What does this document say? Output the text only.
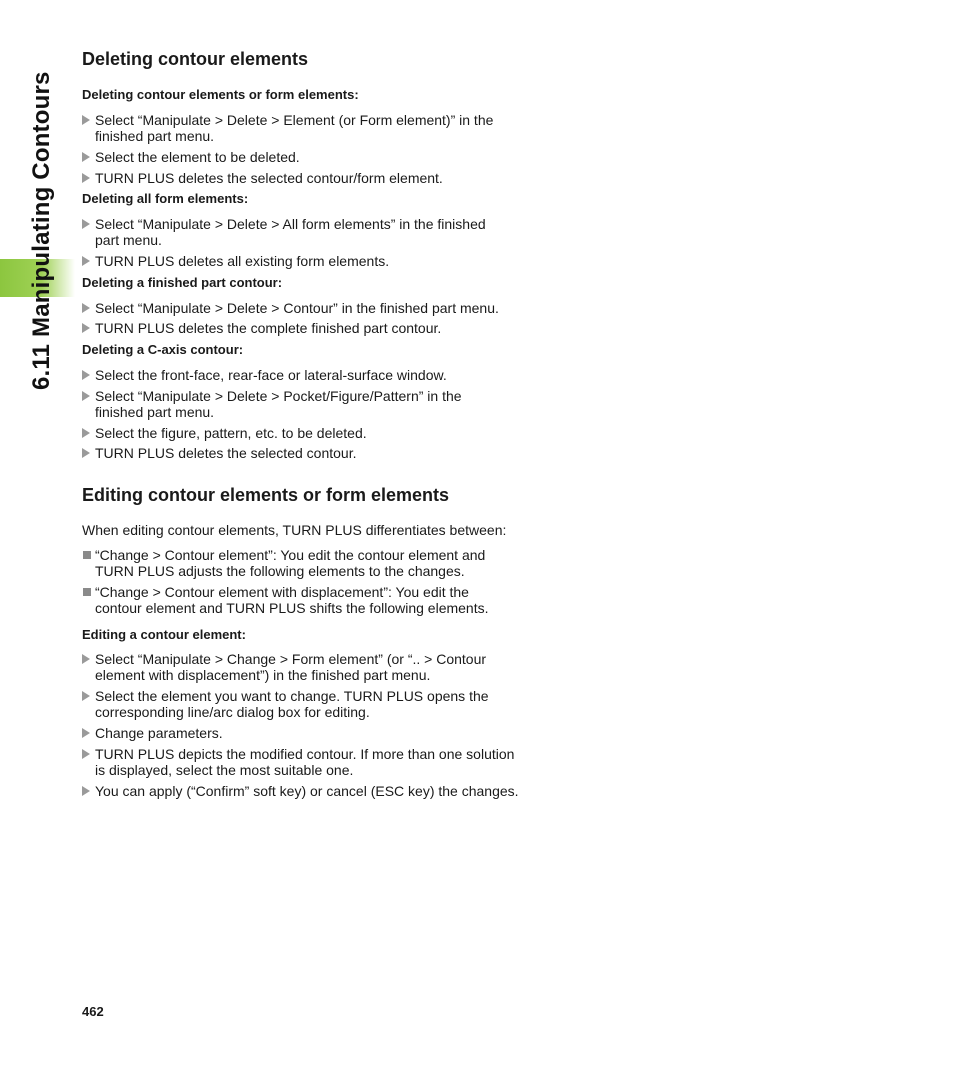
6.11 Manipulating Contours
Deleting contour elements
Deleting contour elements or form elements:
Select “Manipulate > Delete > Element (or Form element)” in the
finished part menu.
Select the element to be deleted.
TURN PLUS deletes the selected contour/form element.
Deleting all form elements:
Select “Manipulate > Delete > All form elements” in the finished
part menu.
TURN PLUS deletes all existing form elements.
Deleting a finished part contour:
Select “Manipulate > Delete > Contour” in the finished part menu.
TURN PLUS deletes the complete finished part contour.
Deleting a C-axis contour:
Select the front-face, rear-face or lateral-surface window.
Select “Manipulate > Delete > Pocket/Figure/Pattern” in the
finished part menu.
Select the figure, pattern, etc. to be deleted.
TURN PLUS deletes the selected contour.
Editing contour elements or form elements
When editing contour elements, TURN PLUS differentiates between:
“Change > Contour element”: You edit the contour element and
TURN PLUS adjusts the following elements to the changes.
“Change > Contour element with displacement”: You edit the
contour element and TURN PLUS shifts the following elements.
Editing a contour element:
Select “Manipulate > Change > Form element” (or “.. > Contour
element with displacement”) in the finished part menu.
Select the element you want to change. TURN PLUS opens the
corresponding line/arc dialog box for editing.
Change parameters.
TURN PLUS depicts the modified contour. If more than one solution
is displayed, select the most suitable one.
You can apply (“Confirm” soft key) or cancel (ESC key) the changes.
462
